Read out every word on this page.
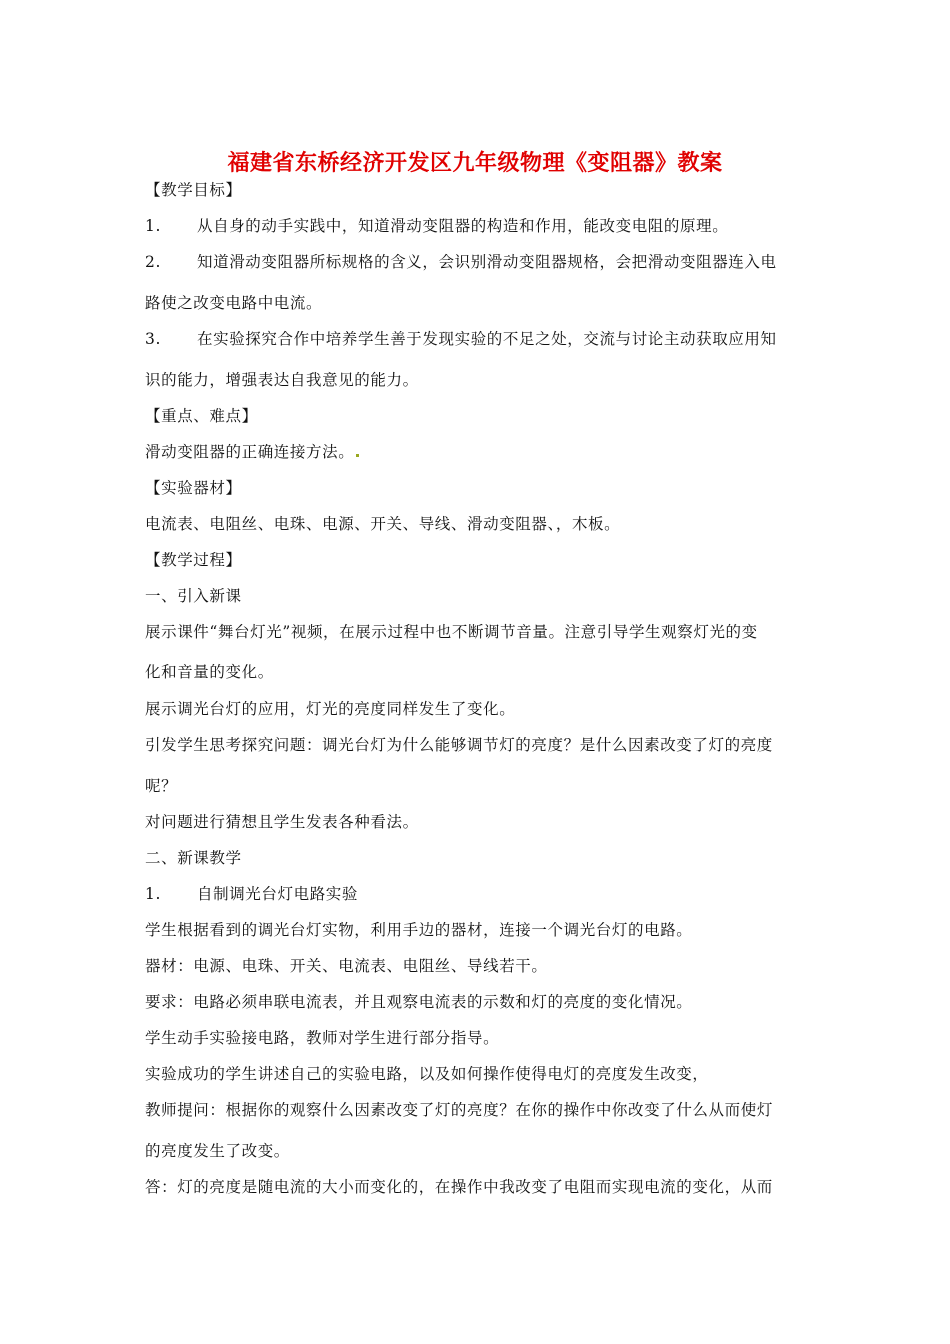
福建省东桥经济开发区九年级物理《变阻器》教案
【教学目标】
1. 从自身的动手实践中，知道滑动变阻器的构造和作用，能改变电阻的原理。
2. 知道滑动变阻器所标规格的含义，会识别滑动变阻器规格，会把滑动变阻器连入电
路使之改变电路中电流。
3. 在实验探究合作中培养学生善于发现实验的不足之处，交流与讨论主动获取应用知
识的能力，增强表达自我意见的能力。
【重点、难点】
滑动变阻器的正确连接方法。
【实验器材】
电流表、电阻丝、电珠、电源、开关、导线、滑动变阻器、，木板。
【教学过程】
一、引入新课
展示课件“舞台灯光”视频，在展示过程中也不断调节音量。注意引导学生观察灯光的变
化和音量的变化。
展示调光台灯的应用，灯光的亮度同样发生了变化。
引发学生思考探究问题：调光台灯为什么能够调节灯的亮度？是什么因素改变了灯的亮度
呢？
对问题进行猜想且学生发表各种看法。
二、新课教学
1. 自制调光台灯电路实验
学生根据看到的调光台灯实物，利用手边的器材，连接一个调光台灯的电路。
器材：电源、电珠、开关、电流表、电阻丝、导线若干。
要求：电路必须串联电流表，并且观察电流表的示数和灯的亮度的变化情况。
学生动手实验接电路，教师对学生进行部分指导。
实验成功的学生讲述自己的实验电路，以及如何操作使得电灯的亮度发生改变，
教师提问：根据你的观察什么因素改变了灯的亮度？在你的操作中你改变了什么从而使灯
的亮度发生了改变。
答：灯的亮度是随电流的大小而变化的，在操作中我改变了电阻而实现电流的变化，从而
